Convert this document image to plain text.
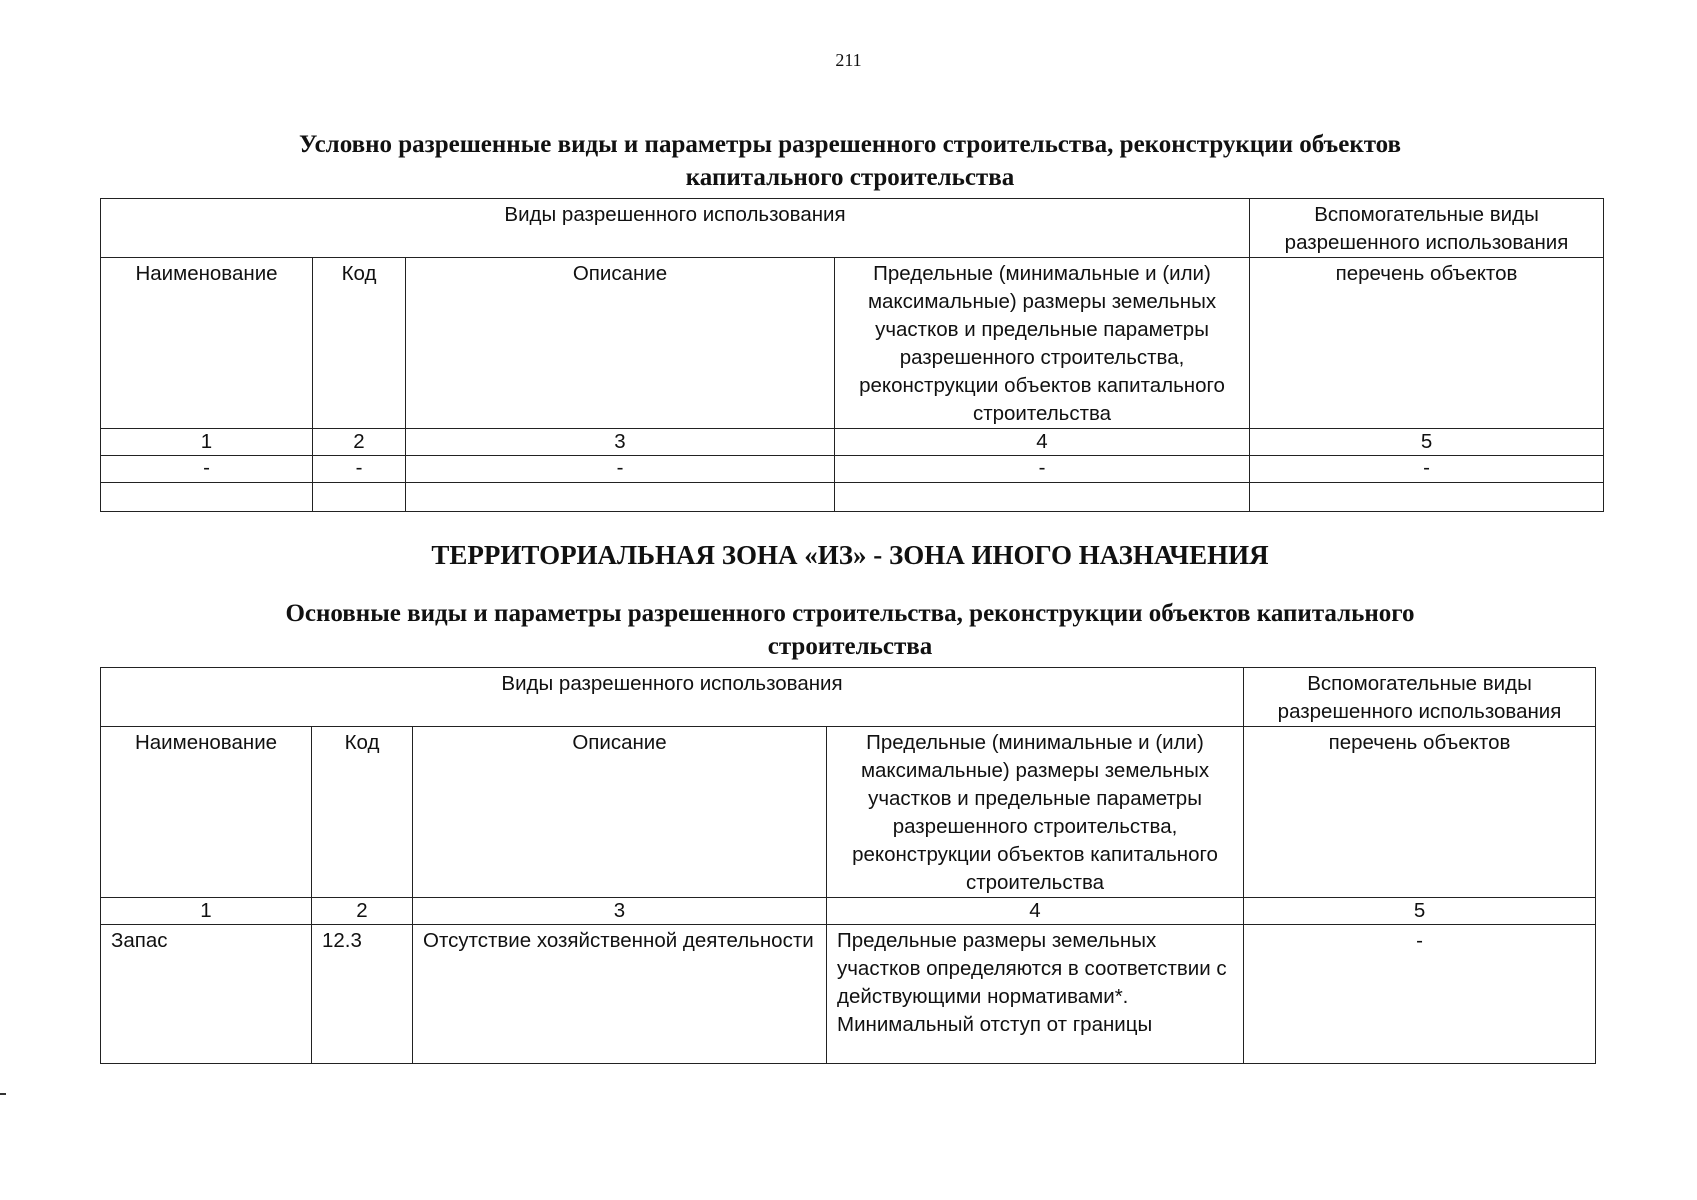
211
Условно разрешенные виды и параметры разрешенного строительства, реконструкции объектов
капитального строительства
Виды разрешенного использования				Вспомогательные виды разрешенного использования
Наименование	Код	Описание	Предельные (минимальные и (или) максимальные) размеры земельных участков и предельные параметры разрешенного строительства, реконструкции объектов капитального строительства	перечень объектов
1	2	3	4	5
-	-	-	-	-

ТЕРРИТОРИАЛЬНАЯ ЗОНА «ИЗ» - ЗОНА ИНОГО НАЗНАЧЕНИЯ
Основные виды и параметры разрешенного строительства, реконструкции объектов капитального
строительства
Виды разрешенного использования				Вспомогательные виды разрешенного использования
Наименование	Код	Описание	Предельные (минимальные и (или) максимальные) размеры земельных участков и предельные параметры разрешенного строительства, реконструкции объектов капитального строительства	перечень объектов
1	2	3	4	5
Запас	12.3	Отсутствие хозяйственной деятельности	Предельные размеры земельных участков определяются в соответствии с действующими нормативами*. Минимальный отступ от границы	-
